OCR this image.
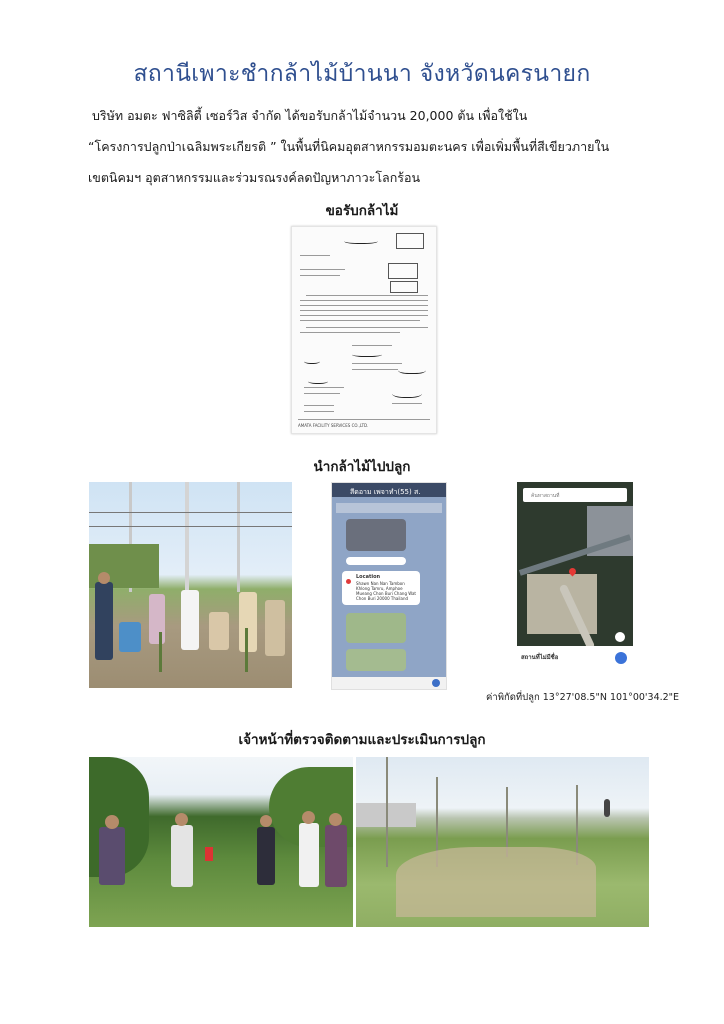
สถานีเพาะชำกล้าไม้บ้านนา จังหวัดนครนายก
บริษัท อมตะ ฟาซิลิตี้ เซอร์วิส จำกัด ได้ขอรับกล้าไม้จำนวน 20,000 ต้น เพื่อใช้ใน
“โครงการปลูกป่าเฉลิมพระเกียรติ ” ในพื้นที่นิคมอุตสาหกรรมอมตะนคร เพื่อเพิ่มพื้นที่สีเขียวภายใน
เขตนิคมฯ อุตสาหกรรมและร่วมรณรงค์ลดปัญหาภาวะโลกร้อน
ขอรับกล้าไม้
AMATA FACILITY SERVICES CO.,LTD.
นำกล้าไม้ไปปลูก
สีดอาม เพจาทำ(55) ส.
Location
Shawn Nan Nan Tambon Khlong Tamru, Amphoe Mueang Chon Buri Chang Wat Chon Buri 20000 Thailand
ค้นหาสถานที่
สถานที่ไม่มีชื่อ
ค่าพิกัดที่ปลูก 13°27'08.5"N 101°00'34.2"E
เจ้าหน้าที่ตรวจติดตามและประเมินการปลูก
